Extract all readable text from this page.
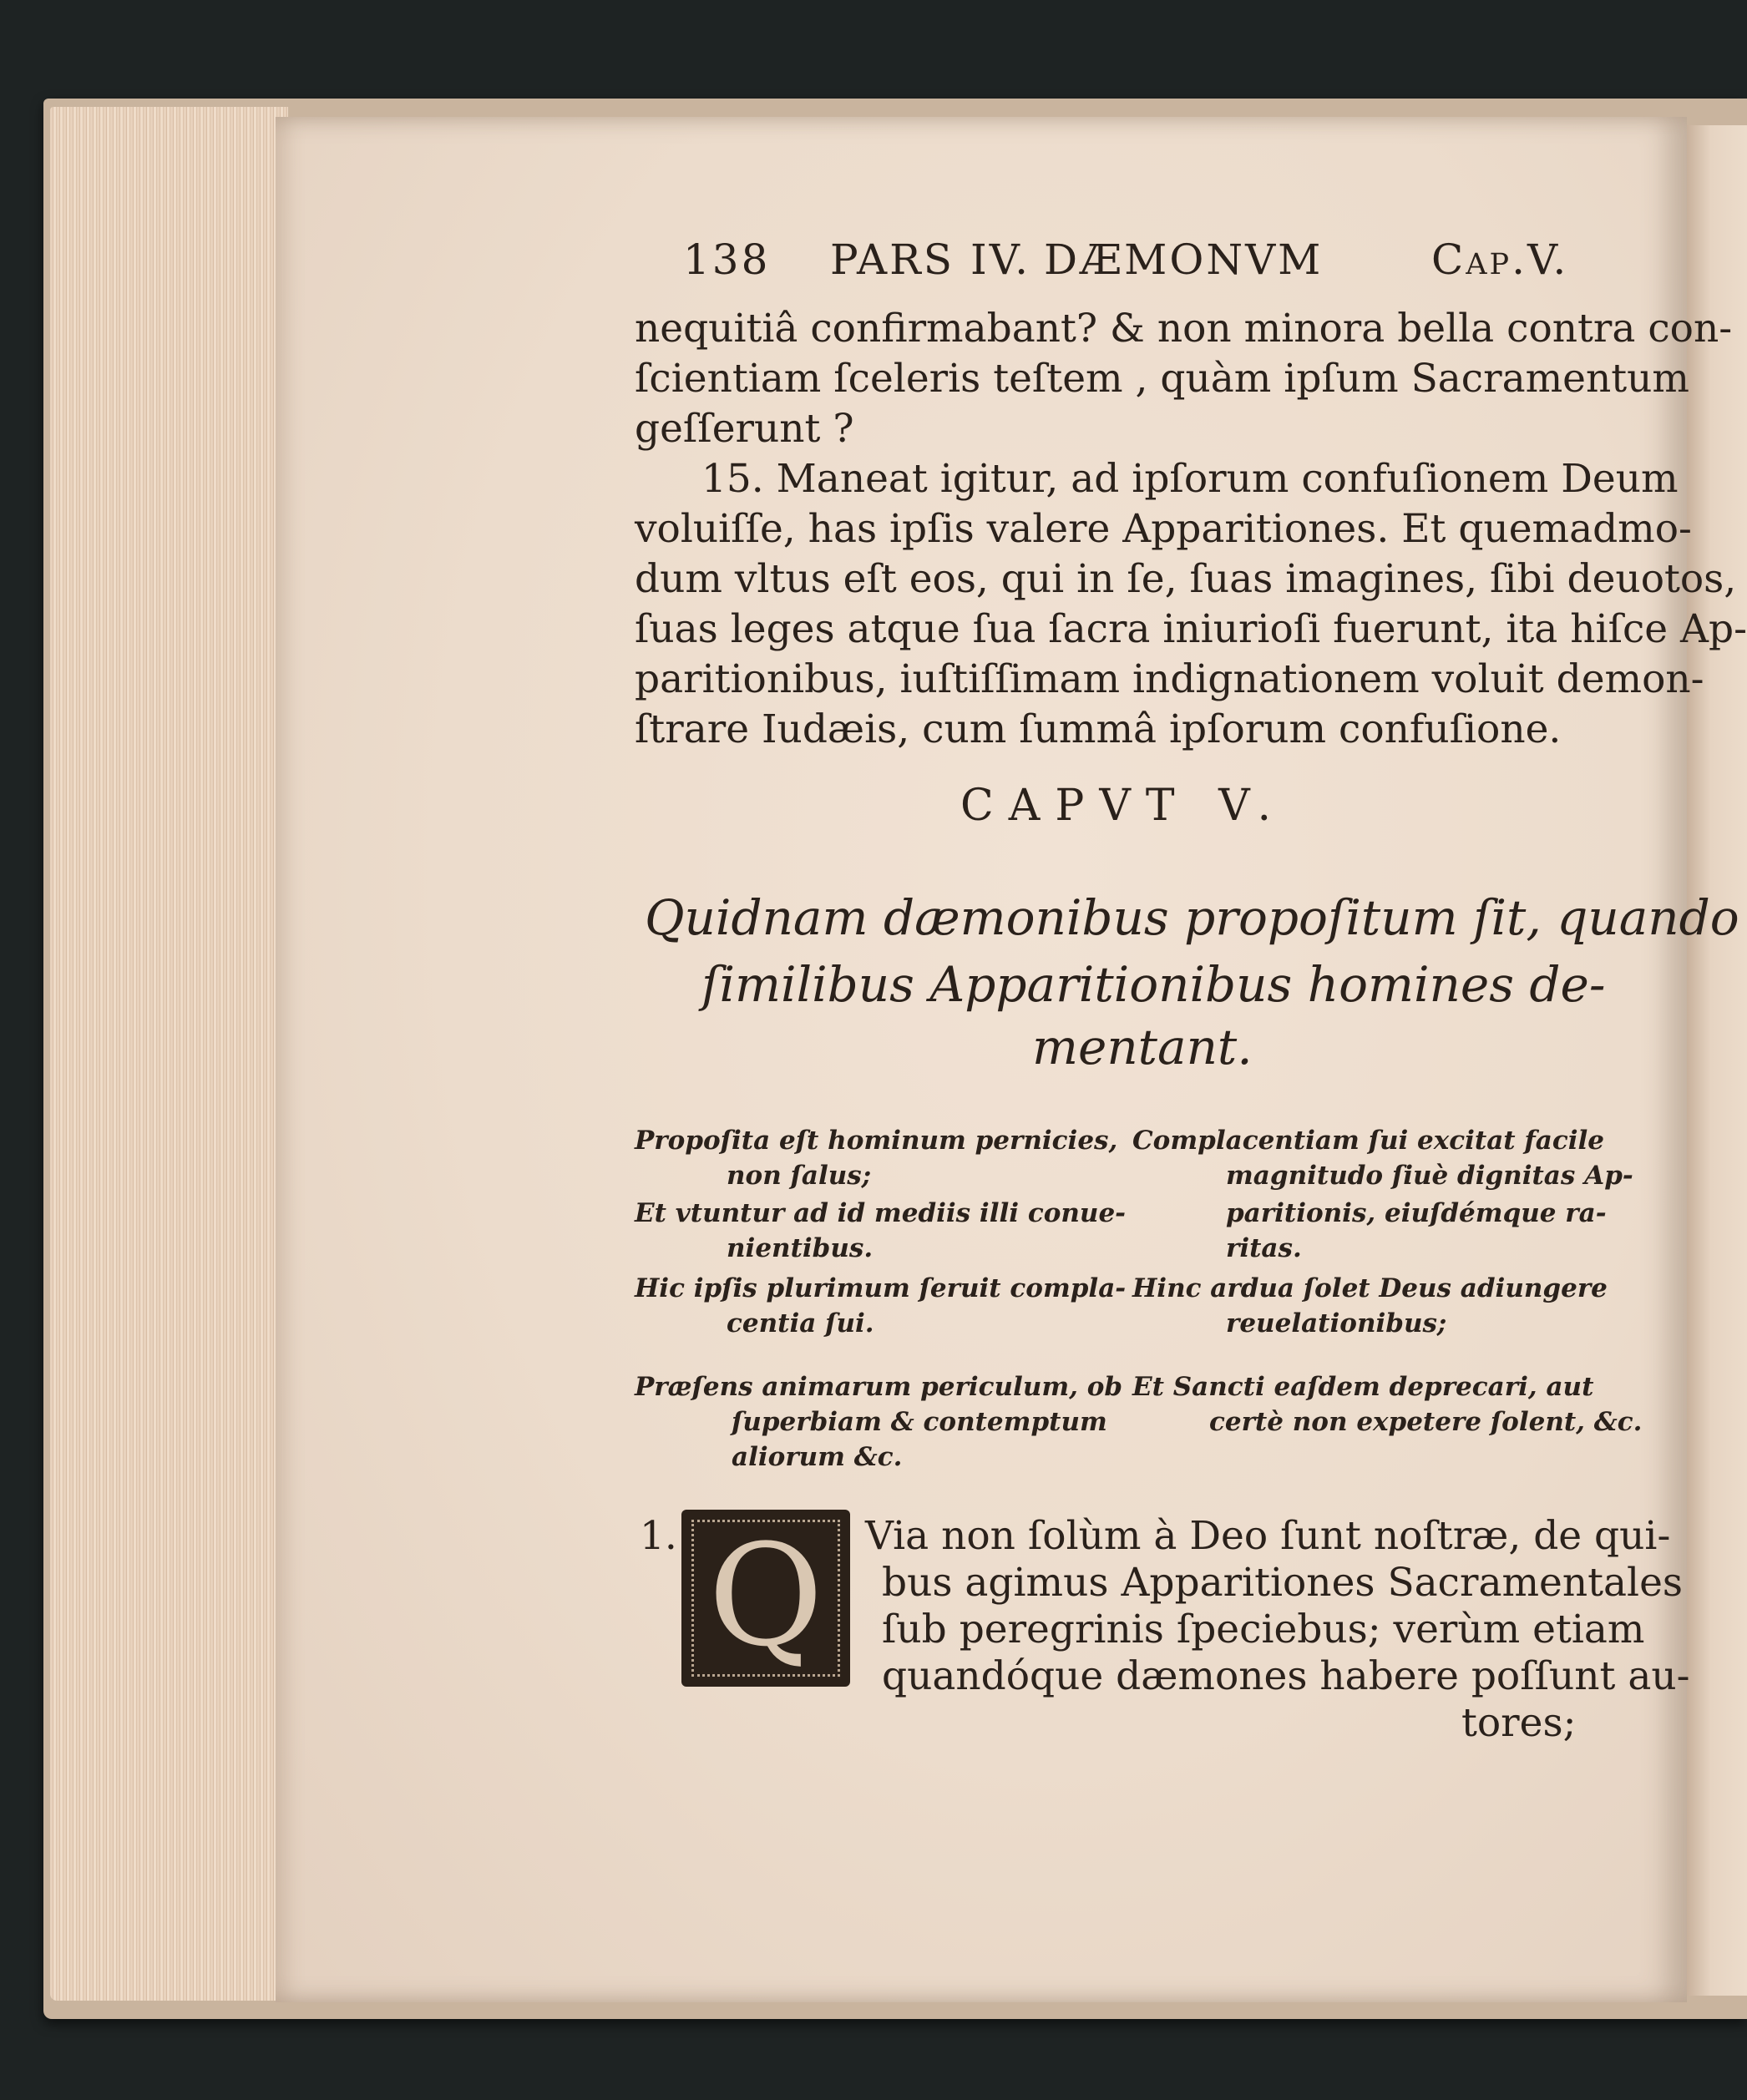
138 PARS IV. DÆMONVM	Cap.V.
nequitiâ confirmabant? & non minora bella contra con-
ſcientiam ſceleris teſtem , quàm ipſum Sacramentum
geſſerunt ?
15. Maneat igitur, ad ipſorum confuſionem Deum
voluiſſe, has ipſis valere Apparitiones. Et quemadmo-
dum vltus eſt eos, qui in ſe, ſuas imagines, ſibi deuotos,
ſuas leges atque ſua ſacra iniurioſi fuerunt, ita hiſce Ap-
paritionibus, iuſtiſſimam indignationem voluit demon-
ſtrare Iudæis, cum ſummâ ipſorum confuſione.
CAPVT V.
Quidnam dæmonibus propoſitum ſit, quando
ſimilibus Apparitionibus homines de-
mentant.
Propoſita eſt hominum pernicies,
non ſalus;
Et vtuntur ad id mediis illi conue-
nientibus.
Hic ipſis plurimum ſeruit compla-
centia ſui.
Præſens animarum periculum, ob
ſuperbiam & contemptum
aliorum &c.
Complacentiam ſui excitat facile
magnitudo ſiuè dignitas Ap-
paritionis, eiuſdémque ra-
ritas.
Hinc ardua ſolet Deus adiungere
reuelationibus;
Et Sancti eaſdem deprecari, aut
certè non expetere ſolent, &c.
1. Q	Via non ſolùm à Deo ſunt noſtræ, de qui-
bus agimus Apparitiones Sacramentales
ſub peregrinis ſpeciebus; verùm etiam
quandóque dæmones habere poſſunt au-
tores;
